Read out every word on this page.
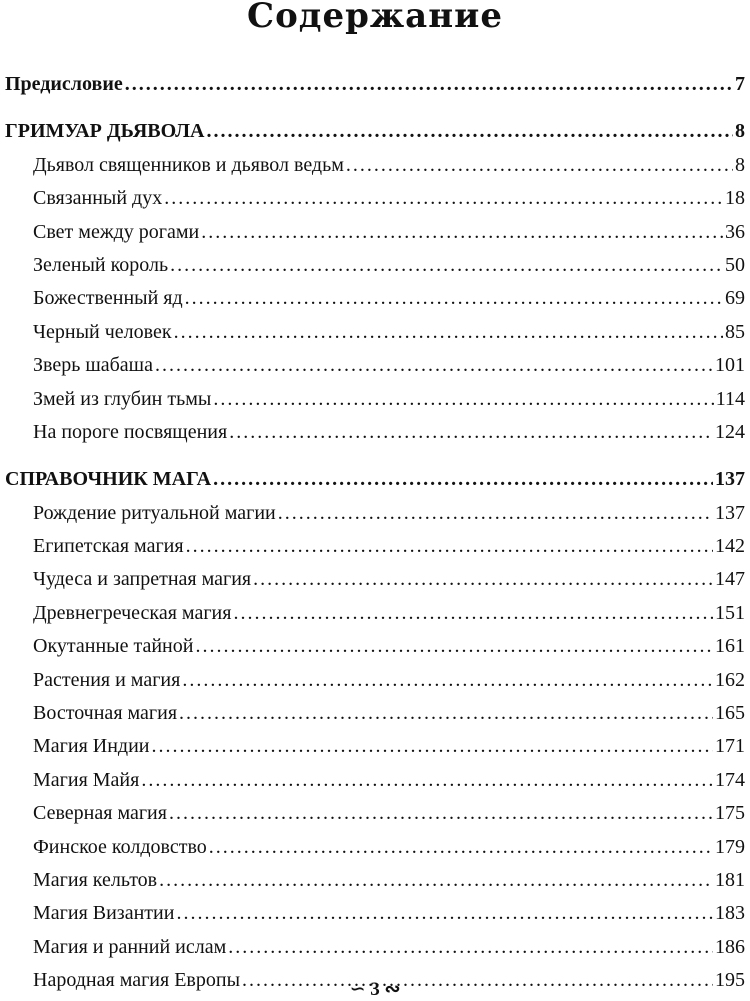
Содержание
Предисловие .....	7
ГРИМУАР ДЬЯВОЛА .....	8
Дьявол священников и дьявол ведьм .....	8
Связанный дух .....	18
Свет между рогами .....	36
Зеленый король .....	50
Божественный яд .....	69
Черный человек .....	85
Зверь шабаша .....	101
Змей из глубин тьмы .....	114
На пороге посвящения .....	124
СПРАВОЧНИК МАГА .....	137
Рождение ритуальной магии .....	137
Египетская магия .....	142
Чудеса и запретная магия .....	147
Древнегреческая магия .....	151
Окутанные тайной .....	161
Растения и магия .....	162
Восточная магия .....	165
Магия Индии .....	171
Магия Майя .....	174
Северная магия .....	175
Финское колдовство .....	179
Магия кельтов .....	181
Магия Византии .....	183
Магия и ранний ислам .....	186
Народная магия Европы .....	195
∽ 3 ∾
